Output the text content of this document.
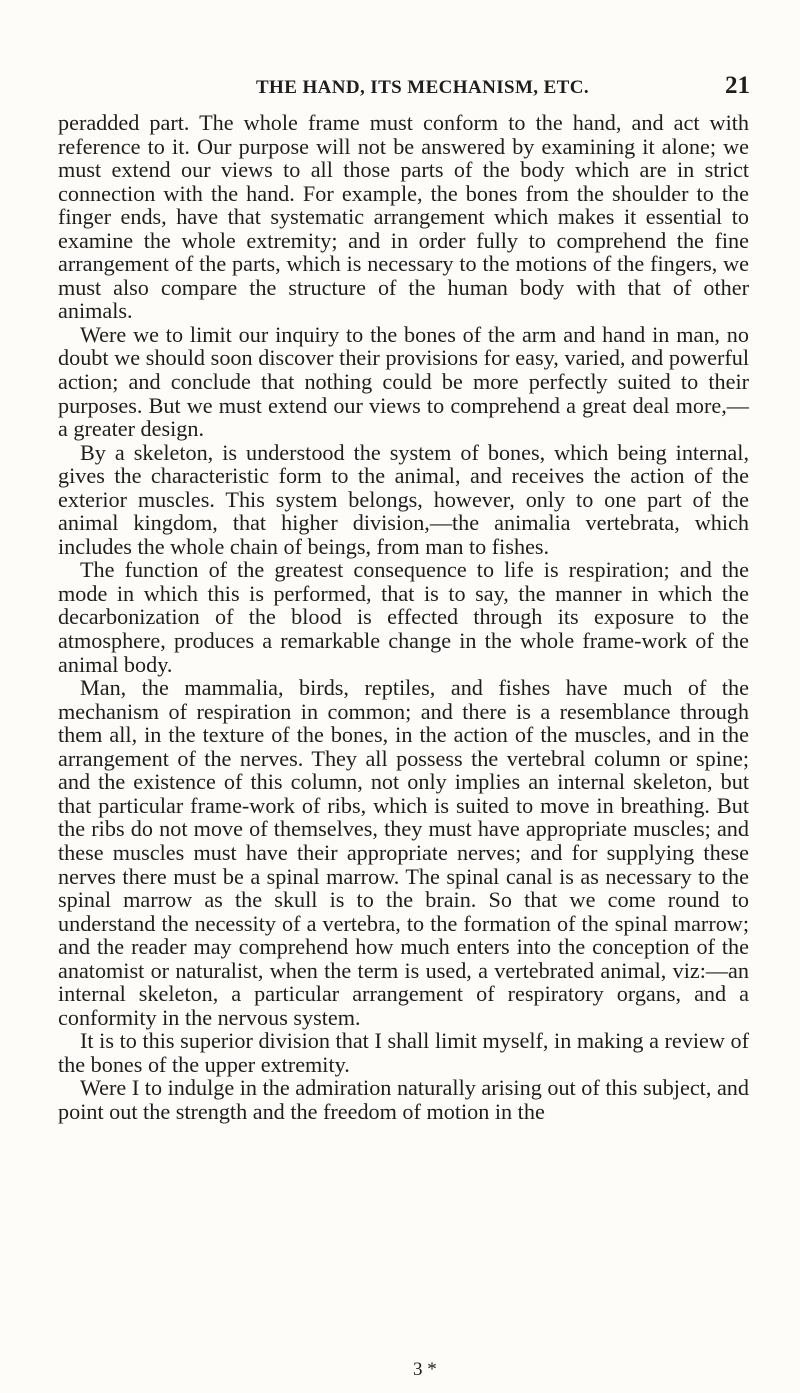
THE HAND, ITS MECHANISM, ETC.	21

peradded part. The whole frame must conform to the hand, and act with reference to it. Our purpose will not be answered by examining it alone; we must extend our views to all those parts of the body which are in strict connection with the hand. For example, the bones from the shoulder to the finger ends, have that systematic arrangement which makes it essential to examine the whole extremity; and in order fully to comprehend the fine arrangement of the parts, which is necessary to the motions of the fingers, we must also compare the structure of the human body with that of other animals.

Were we to limit our inquiry to the bones of the arm and hand in man, no doubt we should soon discover their provisions for easy, varied, and powerful action; and conclude that nothing could be more perfectly suited to their purposes. But we must extend our views to comprehend a great deal more,—a greater design.

By a skeleton, is understood the system of bones, which being internal, gives the characteristic form to the animal, and receives the action of the exterior muscles. This system belongs, however, only to one part of the animal kingdom, that higher division,—the animalia vertebrata, which includes the whole chain of beings, from man to fishes.

The function of the greatest consequence to life is respiration; and the mode in which this is performed, that is to say, the manner in which the decarbonization of the blood is effected through its exposure to the atmosphere, produces a remarkable change in the whole frame-work of the animal body.

Man, the mammalia, birds, reptiles, and fishes have much of the mechanism of respiration in common; and there is a resemblance through them all, in the texture of the bones, in the action of the muscles, and in the arrangement of the nerves. They all possess the vertebral column or spine; and the existence of this column, not only implies an internal skeleton, but that particular frame-work of ribs, which is suited to move in breathing. But the ribs do not move of themselves, they must have appropriate muscles; and these muscles must have their appropriate nerves; and for supplying these nerves there must be a spinal marrow. The spinal canal is as necessary to the spinal marrow as the skull is to the brain. So that we come round to understand the necessity of a vertebra, to the formation of the spinal marrow; and the reader may comprehend how much enters into the conception of the anatomist or naturalist, when the term is used, a vertebrated animal, viz:—an internal skeleton, a particular arrangement of respiratory organs, and a conformity in the nervous system.

It is to this superior division that I shall limit myself, in making a review of the bones of the upper extremity.

Were I to indulge in the admiration naturally arising out of this subject, and point out the strength and the freedom of motion in the

3 *
